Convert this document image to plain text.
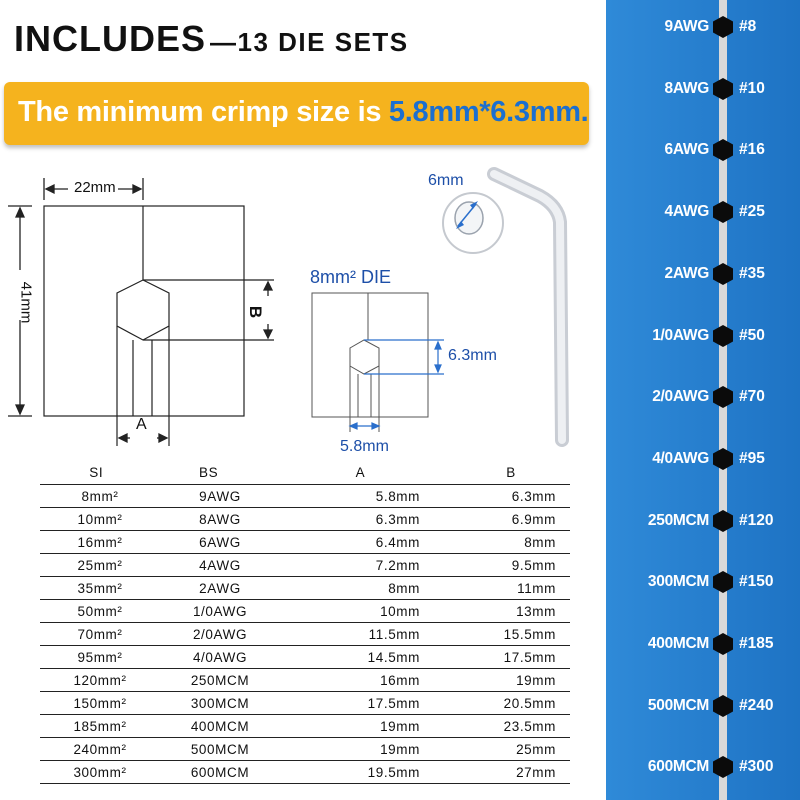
INCLUDES —13 DIE SETS
The minimum crimp size is 5.8mm*6.3mm.
22mm
41mm	B
A
8mm² DIE
6.3mm
5.8mm
6mm
SI	BS	A	B
8mm²	9AWG	5.8mm	6.3mm
10mm²	8AWG	6.3mm	6.9mm
16mm²	6AWG	6.4mm	8mm
25mm²	4AWG	7.2mm	9.5mm
35mm²	2AWG	8mm	11mm
50mm²	1/0AWG	10mm	13mm
70mm²	2/0AWG	11.5mm	15.5mm
95mm²	4/0AWG	14.5mm	17.5mm
120mm²	250MCM	16mm	19mm
150mm²	300MCM	17.5mm	20.5mm
185mm²	400MCM	19mm	23.5mm
240mm²	500MCM	19mm	25mm
300mm²	600MCM	19.5mm	27mm
9AWG #8
8AWG #10
6AWG #16
4AWG #25
2AWG #35
1/0AWG #50
2/0AWG #70
4/0AWG #95
250MCM #120
300MCM #150
400MCM #185
500MCM #240
600MCM #300
